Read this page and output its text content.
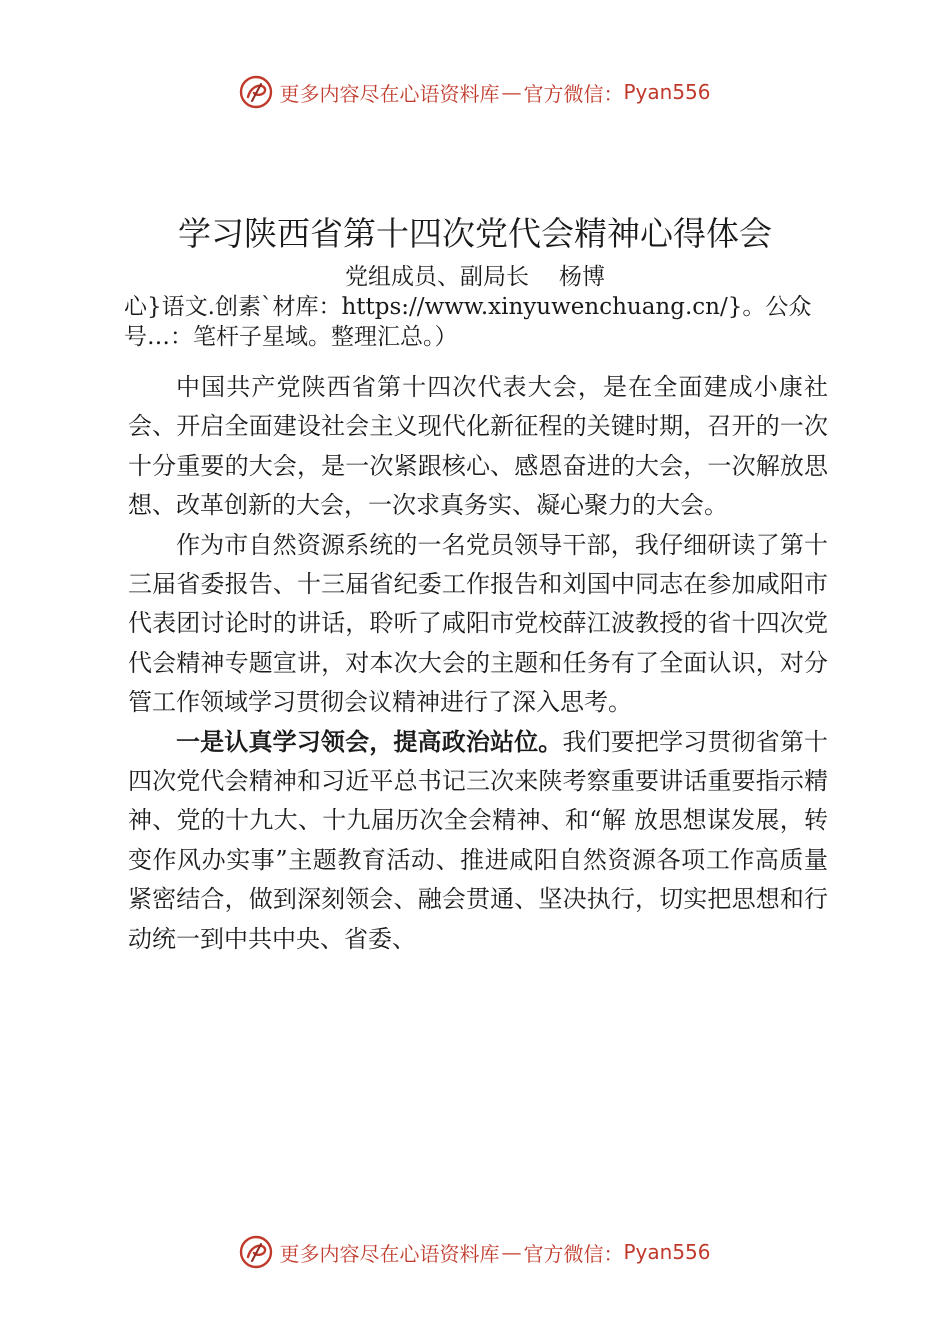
更多内容尽在心语资料库 — 官方微信： Pyan556
学习陕西省第十四次党代会精神心得体会
党组成员、副局长 杨博
心}语文.创素`材库：https://www.xinyuwenchuang.cn/}。公众号…：笔杆子星域。整理汇总。）

中国共产党陕西省第十四次代表大会，是在全面建成小康社会、开启全面建设社会主义现代化新征程的关键时期，召开的一次十分重要的大会，是一次紧跟核心、感恩奋进的大会，一次解放思想、改革创新的大会，一次求真务实、凝心聚力的大会。

作为市自然资源系统的一名党员领导干部，我仔细研读了第十三届省委报告、十三届省纪委工作报告和刘国中同志在参加咸阳市代表团讨论时的讲话，聆听了咸阳市党校薛江波教授的省十四次党代会精神专题宣讲，对本次大会的主题和任务有了全面认识，对分管工作领域学习贯彻会议精神进行了深入思考。

一是认真学习领会，提高政治站位。我们要把学习贯彻省第十四次党代会精神和习近平总书记三次来陕考察重要讲话重要指示精神、党的十九大、十九届历次全会精神、和“解 放思想谋发展，转变作风办实事”主题教育活动、推进咸阳自然资源各项工作高质量紧密结合，做到深刻领会、融会贯通、坚决执行，切实把思想和行动统一到中共中央、省委、

更多内容尽在心语资料库 — 官方微信： Pyan556
